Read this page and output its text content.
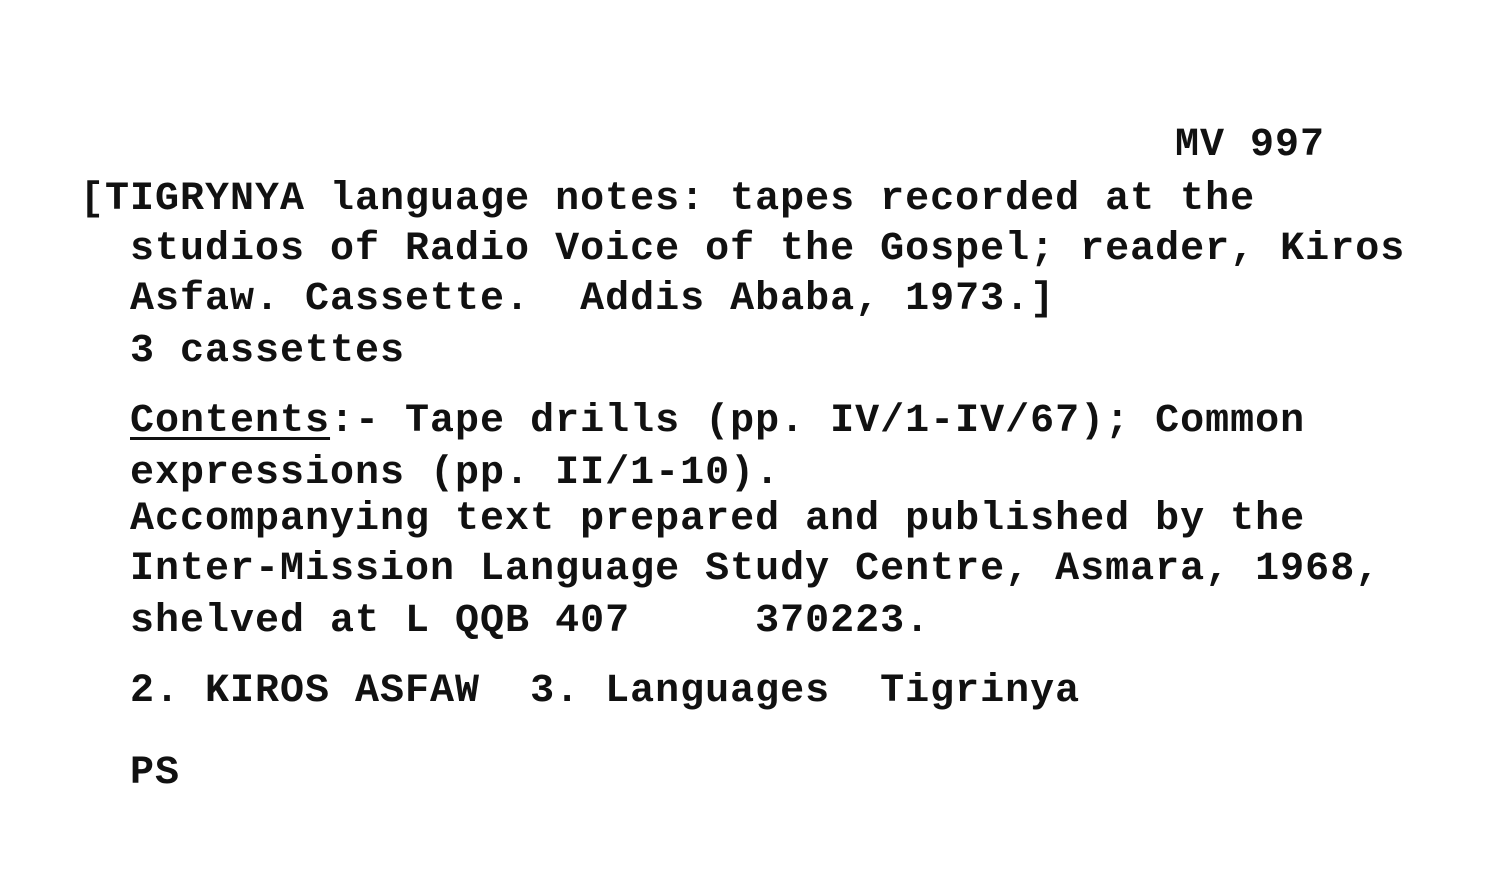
MV 997
[TIGRYNYA language notes: tapes recorded at the
studios of Radio Voice of the Gospel; reader, Kiros
Asfaw. Cassette.  Addis Ababa, 1973.]
3 cassettes
Contents:- Tape drills (pp. IV/1-IV/67); Common
expressions (pp. II/1-10).
Accompanying text prepared and published by the
Inter-Mission Language Study Centre, Asmara, 1968,
shelved at L QQB 407     370223.
2. KIROS ASFAW  3. Languages  Tigrinya
PS
